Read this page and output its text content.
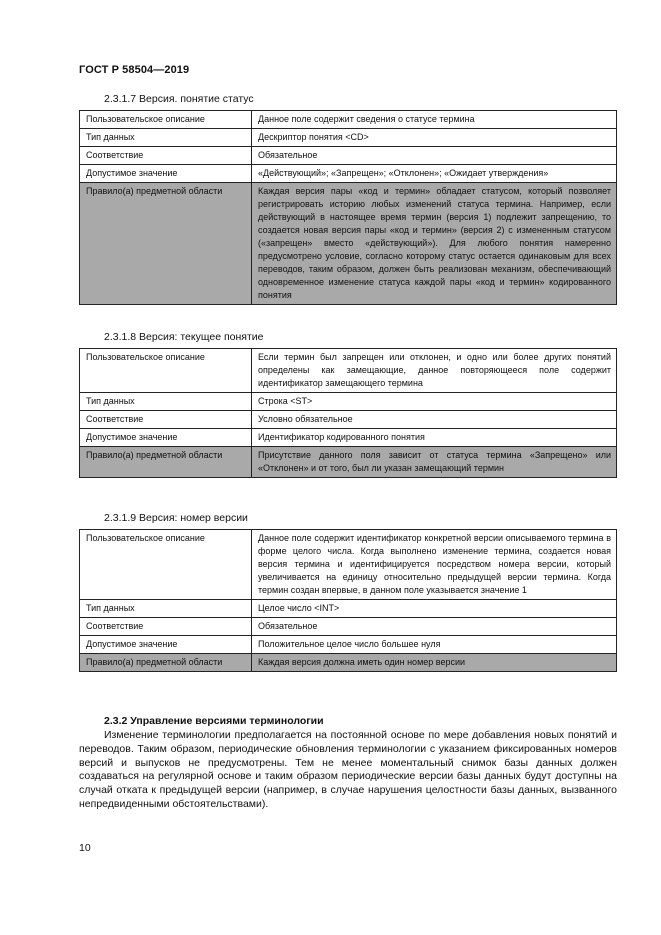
ГОСТ Р 58504—2019
2.3.1.7 Версия. понятие статус
Пользовательское описание	Данное поле содержит сведения о статусе термина
Тип данных	Дескриптор понятия <CD>
Соответствие	Обязательное
Допустимое значение	«Действующий»; «Запрещен»; «Отклонен»; «Ожидает утверждения»
Правило(а) предметной области	Каждая версия пары «код и термин» обладает статусом, который позволяет регистрировать историю любых изменений статуса термина. Например, если действующий в настоящее время термин (версия 1) подлежит запрещению, то создается новая версия пары «код и термин» (версия 2) с измененным статусом («запрещен» вместо «действующий»). Для любого понятия намеренно предусмотрено условие, согласно которому статус остается одинаковым для всех переводов, таким образом, должен быть реализован механизм, обеспечивающий одновременное изменение статуса каждой пары «код и термин» кодированного понятия
2.3.1.8 Версия: текущее понятие
Пользовательское описание	Если термин был запрещен или отклонен, и одно или более других понятий определены как замещающие, данное повторяющееся поле содержит идентификатор замещающего термина
Тип данных	Строка <ST>
Соответствие	Условно обязательное
Допустимое значение	Идентификатор кодированного понятия
Правило(а) предметной области	Присутствие данного поля зависит от статуса термина «Запрещено» или «Отклонен» и от того, был ли указан замещающий термин
2.3.1.9 Версия: номер версии
Пользовательское описание	Данное поле содержит идентификатор конкретной версии описываемого термина в форме целого числа. Когда выполнено изменение термина, создается новая версия термина и идентифицируется посредством номера версии, который увеличивается на единицу относительно предыдущей версии термина. Когда термин создан впервые, в данном поле указывается значение 1
Тип данных	Целое число <INT>
Соответствие	Обязательное
Допустимое значение	Положительное целое число большее нуля
Правило(а) предметной области	Каждая версия должна иметь один номер версии
2.3.2 Управление версиями терминологии

Изменение терминологии предполагается на постоянной основе по мере добавления новых понятий и переводов. Таким образом, периодические обновления терминологии с указанием фиксированных номеров версий и выпусков не предусмотрены. Тем не менее моментальный снимок базы данных должен создаваться на регулярной основе и таким образом периодические версии базы данных будут доступны на случай отката к предыдущей версии (например, в случае нарушения целостности базы данных, вызванного непредвиденными обстоятельствами).

10
